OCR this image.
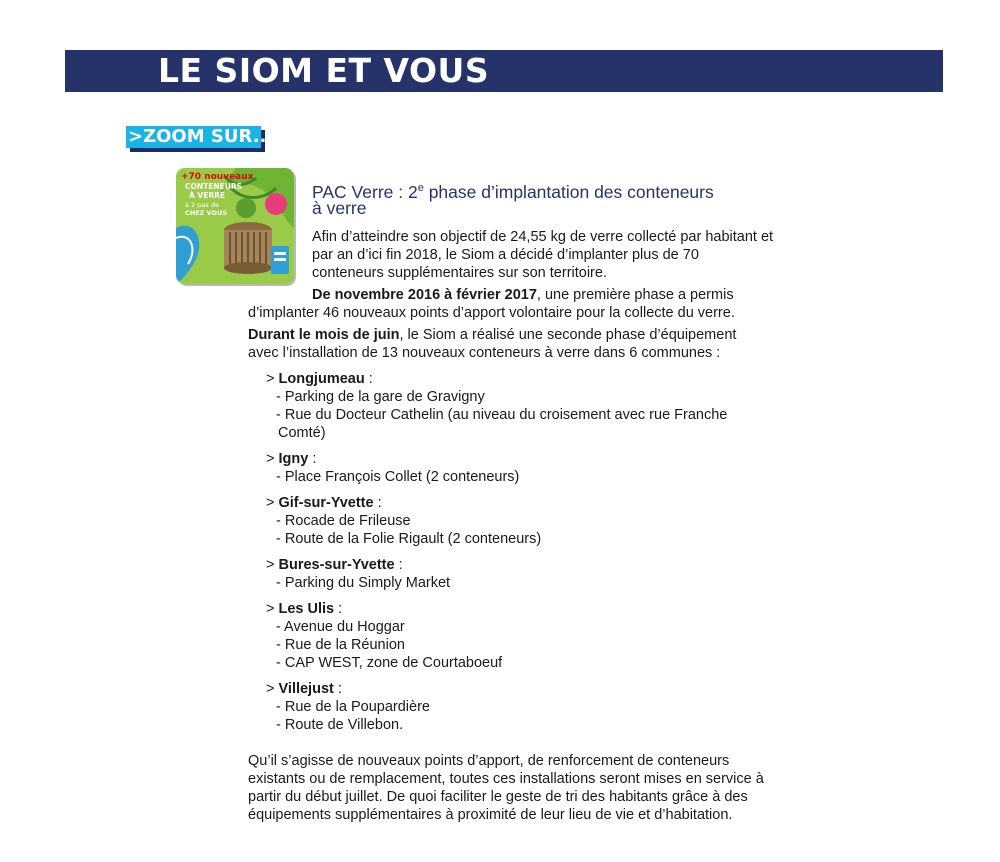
LE SIOM ET VOUS
>ZOOM SUR..
+70 nouveaux
CONTENEURS
À VERRE
à 2 pas de
CHEZ VOUS
PAC Verre : 2e phase d’implantation des conteneurs
à verre

Afin d’atteindre son objectif de 24,55 kg de verre collecté par habitant et par an d’ici fin 2018, le Siom a décidé d’implanter plus de 70 conteneurs supplémentaires sur son territoire.

De novembre 2016 à février 2017, une première phase a permis

d’implanter 46 nouveaux points d’apport volontaire pour la collecte du verre.

Durant le mois de juin, le Siom a réalisé une seconde phase d’équipement

avec l’installation de 13 nouveaux conteneurs à verre dans 6 communes :

> Longjumeau :
- Parking de la gare de Gravigny
- Rue du Docteur Cathelin (au niveau du croisement avec rue Franche
Comté)
> Igny :
- Place François Collet (2 conteneurs)
> Gif-sur-Yvette :
- Rocade de Frileuse
- Route de la Folie Rigault (2 conteneurs)
> Bures-sur-Yvette :
- Parking du Simply Market
> Les Ulis :
- Avenue du Hoggar
- Rue de la Réunion
- CAP WEST, zone de Courtaboeuf
> Villejust :
- Rue de la Poupardière
- Route de Villebon.

Qu’il s’agisse de nouveaux points d’apport, de renforcement de conteneurs existants ou de remplacement, toutes ces installations seront mises en service à partir du début juillet. De quoi faciliter le geste de tri des habitants grâce à des équipements supplémentaires à proximité de leur lieu de vie et d’habitation.
